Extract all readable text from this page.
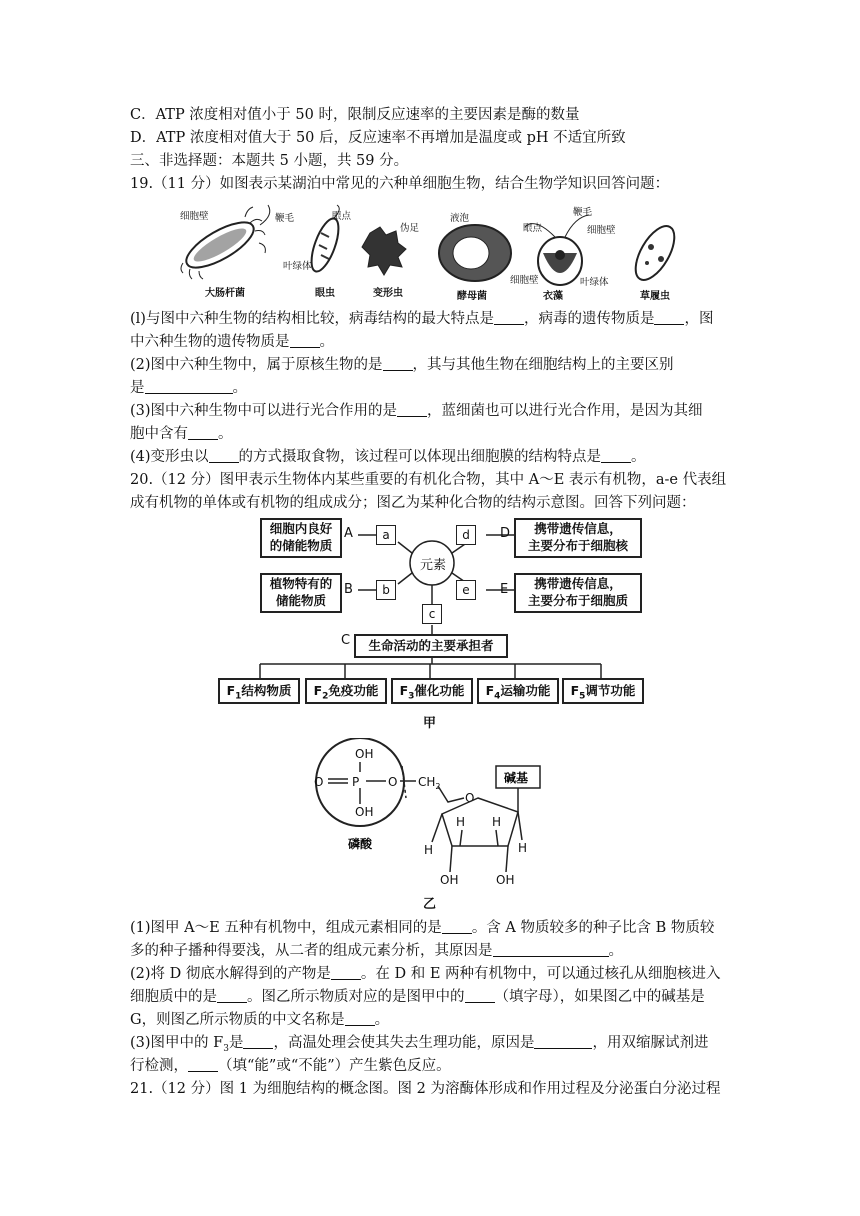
C．ATP 浓度相对值小于 50 时，限制反应速率的主要因素是酶的数量
D．ATP 浓度相对值大于 50 后，反应速率不再增加是温度或 pH 不适宜所致
三、非选择题：本题共 5 小题，共 59 分。
19.（11 分）如图表示某湖泊中常见的六种单细胞生物，结合生物学知识回答问题：
细胞壁
大肠杆菌
鞭毛	眼点
叶绿体
眼虫
伪足
变形虫
液泡
细胞壁
酵母菌
眼点
鞭毛
细胞壁
叶绿体
衣藻	草履虫
(l)与图中六种生物的结构相比较，病毒结构的最大特点是 ，病毒的遗传物质是 ，图
中六种生物的遗传物质是 。
(2)图中六种生物中，属于原核生物的是 ，其与其他生物在细胞结构上的主要区别
是	。
(3)图中六种生物中可以进行光合作用的是 ，蓝细菌也可以进行光合作用，是因为其细
胞中含有 。
(4)变形虫以 的方式摄取食物，该过程可以体现出细胞膜的结构特点是 。
20.（12 分）图甲表示生物体内某些重要的有机化合物，其中 A～E 表示有机物，a-e 代表组
成有机物的单体或有机物的组成成分；图乙为某种化合物的结构示意图。回答下列问题：
细胞内良好
的储能物质
植物特有的
储能物质
携带遗传信息，
主要分布于细胞核
携带遗传信息，
主要分布于细胞质
A
B
D
E
C
a
b
d
e
c
元素
生命活动的主要承担者
$F_1$结构物质	$F_2$免疫功能	$F_3$催化功能	$F_4$运输功能	$F_5$调节功能
甲
OH
O P O
OH
$CH_2$
O
H	H
H H
OH	OH
碱基
磷酸
乙
(1)图甲 A～E 五种有机物中，组成元素相同的是 。含 A 物质较多的种子比含 B 物质较
多的种子播种得要浅，从二者的组成元素分析，其原因是	。
(2)将 D 彻底水解得到的产物是 。在 D 和 E 两种有机物中，可以通过核孔从细胞核进入
细胞质中的是 。图乙所示物质对应的是图甲中的 （填字母），如果图乙中的碱基是
G，则图乙所示物质的中文名称是 。
(3)图甲中的 $F_3$是 ，高温处理会使其失去生理功能，原因是	，用双缩脲试剂进
行检测， （填“能”或“不能”）产生紫色反应。
21.（12 分）图 1 为细胞结构的概念图。图 2 为溶酶体形成和作用过程及分泌蛋白分泌过程
